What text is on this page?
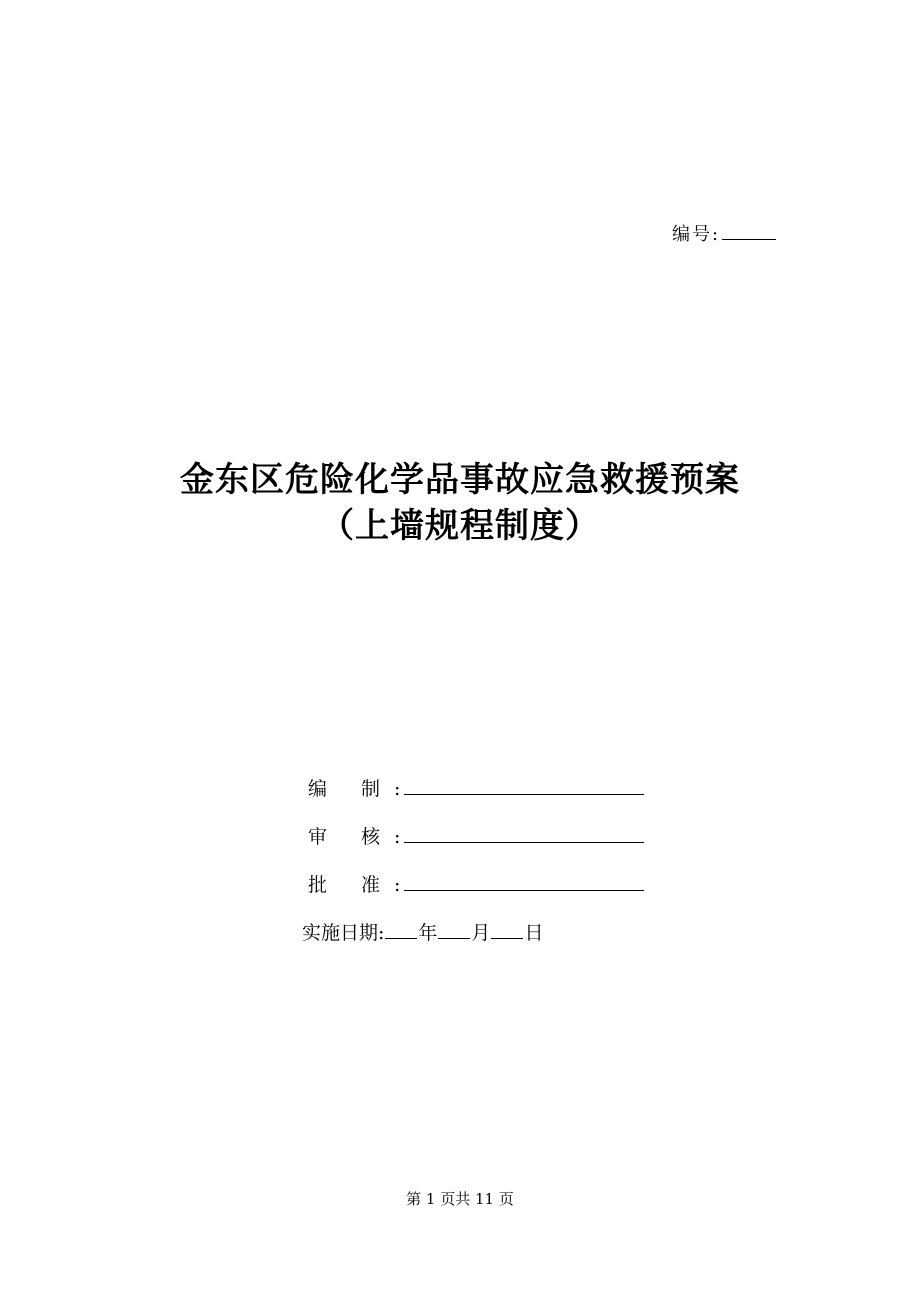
编号:
金东区危险化学品事故应急救援预案
（上墙规程制度）
编 制:
审 核:
批 准:
实施日期: 年 月 日
第 1 页共 11 页
